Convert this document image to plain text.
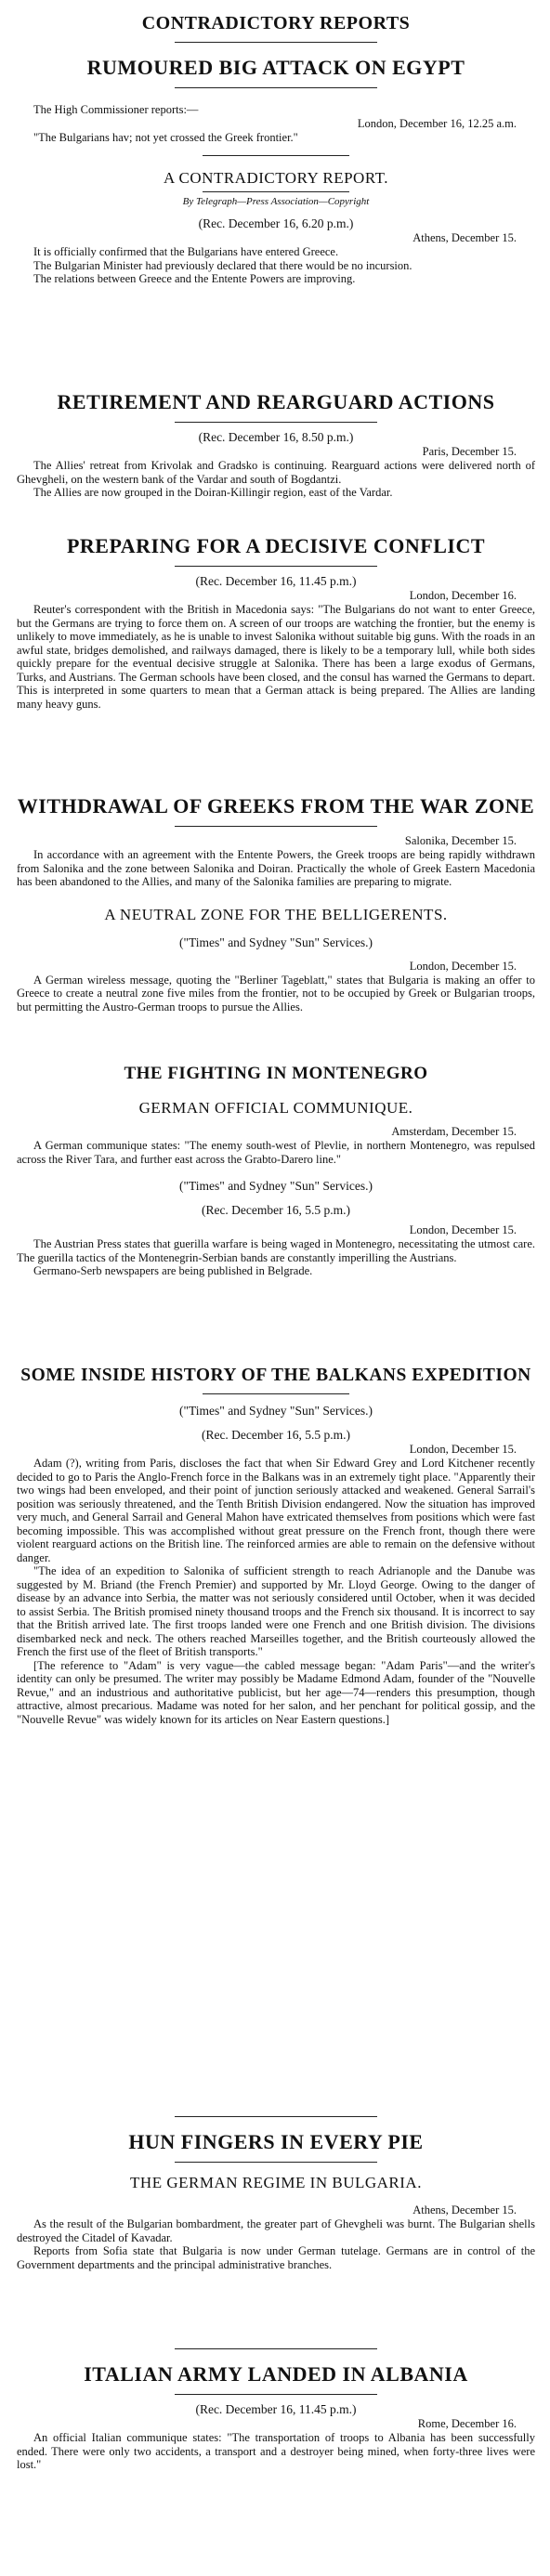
CONTRADICTORY REPORTS
RUMOURED BIG ATTACK ON EGYPT
The High Commissioner reports:—
London, December 16, 12.25 a.m.
"The Bulgarians hav; not yet crossed the Greek frontier."
A CONTRADICTORY REPORT.
By Telegraph—Press Association—Copyright
(Rec. December 16, 6.20 p.m.)
Athens, December 15.

It is officially confirmed that the Bulgarians have entered Greece.

The Bulgarian Minister had previously declared that there would be no incursion.

The relations between Greece and the Entente Powers are improving.

RETIREMENT AND REARGUARD ACTIONS
(Rec. December 16, 8.50 p.m.)
Paris, December 15.

The Allies' retreat from Krivolak and Gradsko is continuing. Rearguard actions were delivered north of Ghevgheli, on the western bank of the Vardar and south of Bogdantzi.

The Allies are now grouped in the Doiran-Killingir region, east of the Vardar.

PREPARING FOR A DECISIVE CONFLICT
(Rec. December 16, 11.45 p.m.)
London, December 16.

Reuter's correspondent with the British in Macedonia says: "The Bulgarians do not want to enter Greece, but the Germans are trying to force them on. A screen of our troops are watching the frontier, but the enemy is unlikely to move immediately, as he is unable to invest Salonika without suitable big guns. With the roads in an awful state, bridges demolished, and railways damaged, there is likely to be a temporary lull, while both sides quickly prepare for the eventual decisive struggle at Salonika. There has been a large exodus of Germans, Turks, and Austrians. The German schools have been closed, and the consul has warned the Germans to depart. This is interpreted in some quarters to mean that a German attack is being prepared. The Allies are landing many heavy guns.

WITHDRAWAL OF GREEKS FROM THE WAR ZONE
Salonika, December 15.

In accordance with an agreement with the Entente Powers, the Greek troops are being rapidly withdrawn from Salonika and the zone between Salonika and Doiran. Practically the whole of Greek Eastern Macedonia has been abandoned to the Allies, and many of the Salonika families are preparing to migrate.

A NEUTRAL ZONE FOR THE BELLIGERENTS.
("Times" and Sydney "Sun" Services.)
London, December 15.

A German wireless message, quoting the "Berliner Tageblatt," states that Bulgaria is making an offer to Greece to create a neutral zone five miles from the frontier, not to be occupied by Greek or Bulgarian troops, but permitting the Austro-German troops to pursue the Allies.

THE FIGHTING IN MONTENEGRO
GERMAN OFFICIAL COMMUNIQUE.
Amsterdam, December 15.

A German communique states: "The enemy south-west of Plevlie, in northern Montenegro, was repulsed across the River Tara, and further east across the Grabto-Darero line."

("Times" and Sydney "Sun" Services.)
(Rec. December 16, 5.5 p.m.)
London, December 15.

The Austrian Press states that guerilla warfare is being waged in Montenegro, necessitating the utmost care. The guerilla tactics of the Montenegrin-Serbian bands are constantly imperilling the Austrians.

Germano-Serb newspapers are being published in Belgrade.

SOME INSIDE HISTORY OF THE BALKANS EXPEDITION
("Times" and Sydney "Sun" Services.)
(Rec. December 16, 5.5 p.m.)
London, December 15.

Adam (?), writing from Paris, discloses the fact that when Sir Edward Grey and Lord Kitchener recently decided to go to Paris the Anglo-French force in the Balkans was in an extremely tight place. "Apparently their two wings had been enveloped, and their point of junction seriously attacked and weakened. General Sarrail's position was seriously threatened, and the Tenth British Division endangered. Now the situation has improved very much, and General Sarrail and General Mahon have extricated themselves from positions which were fast becoming impossible. This was accomplished without great pressure on the French front, though there were violent rearguard actions on the British line. The reinforced armies are able to remain on the defensive without danger.

"The idea of an expedition to Salonika of sufficient strength to reach Adrianople and the Danube was suggested by M. Briand (the French Premier) and supported by Mr. Lloyd George. Owing to the danger of disease by an advance into Serbia, the matter was not seriously considered until October, when it was decided to assist Serbia. The British promised ninety thousand troops and the French six thousand. It is incorrect to say that the British arrived late. The first troops landed were one French and one British division. The divisions disembarked neck and neck. The others reached Marseilles together, and the British courteously allowed the French the first use of the fleet of British transports."

[The reference to "Adam" is very vague—the cabled message began: "Adam Paris"—and the writer's identity can only be presumed. The writer may possibly be Madame Edmond Adam, founder of the "Nouvelle Revue," and an industrious and authoritative publicist, but her age—74—renders this presumption, though attractive, almost precarious. Madame was noted for her salon, and her penchant for political gossip, and the "Nouvelle Revue" was widely known for its articles on Near Eastern questions.]

HUN FINGERS IN EVERY PIE
THE GERMAN REGIME IN BULGARIA.
Athens, December 15.

As the result of the Bulgarian bombardment, the greater part of Ghevgheli was burnt. The Bulgarian shells destroyed the Citadel of Kavadar.

Reports from Sofia state that Bulgaria is now under German tutelage. Germans are in control of the Government departments and the principal administrative branches.

ITALIAN ARMY LANDED IN ALBANIA
(Rec. December 16, 11.45 p.m.)
Rome, December 16.

An official Italian communique states: "The transportation of troops to Albania has been successfully ended. There were only two accidents, a transport and a destroyer being mined, when forty-three lives were lost."
